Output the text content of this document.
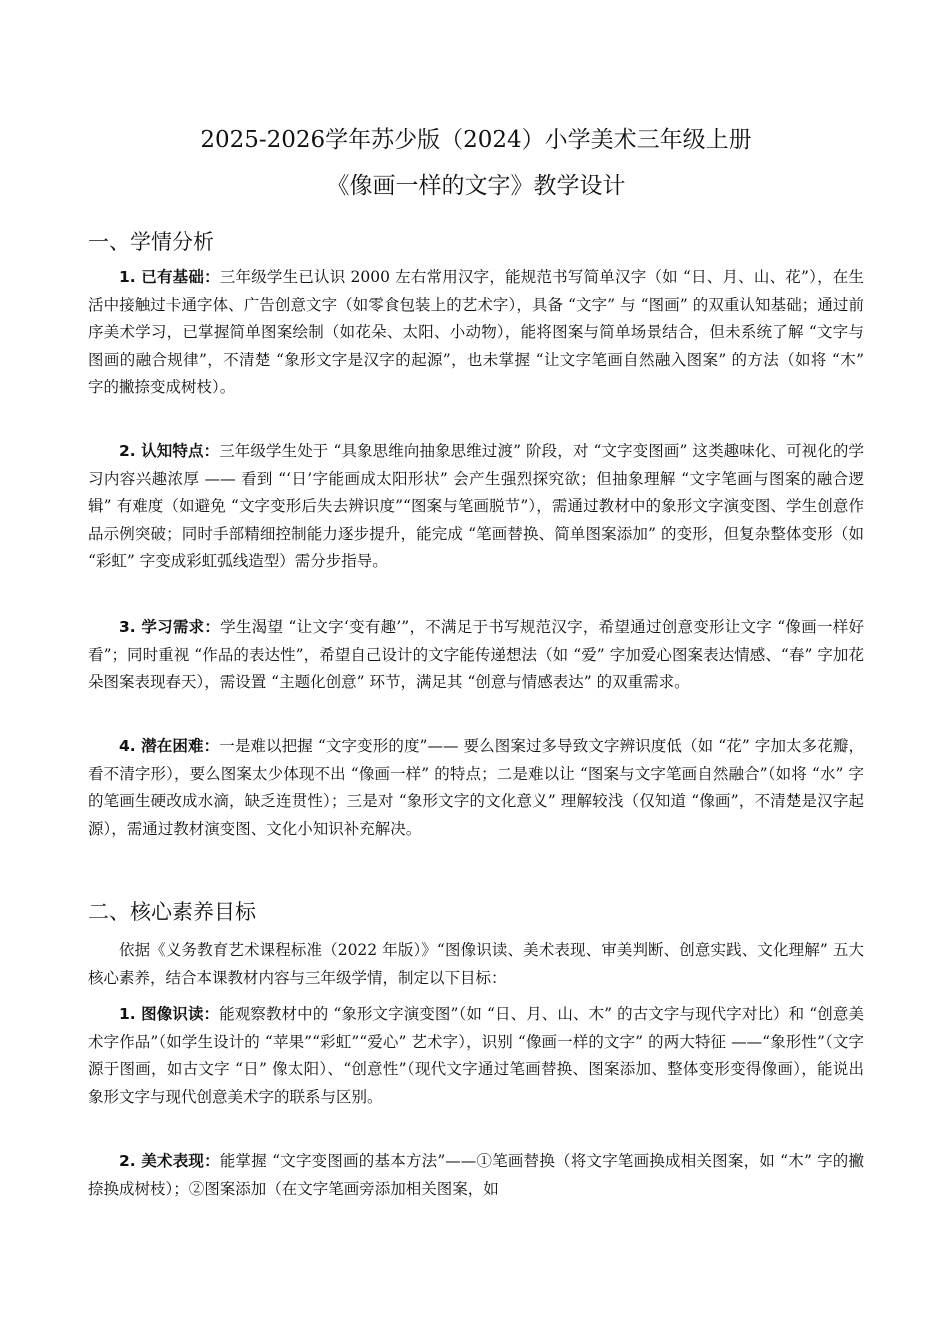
2025-2026学年苏少版（2024）小学美术三年级上册
《像画一样的文字》教学设计
一、学情分析

1. 已有基础：三年级学生已认识 2000 左右常用汉字，能规范书写简单汉字（如 “日、月、山、花”），在生活中接触过卡通字体、广告创意文字（如零食包装上的艺术字），具备 “文字” 与 “图画” 的双重认知基础；通过前序美术学习，已掌握简单图案绘制（如花朵、太阳、小动物），能将图案与简单场景结合，但未系统了解 “文字与图画的融合规律”，不清楚 “象形文字是汉字的起源”，也未掌握 “让文字笔画自然融入图案” 的方法（如将 “木” 字的撇捺变成树枝）。

2. 认知特点：三年级学生处于 “具象思维向抽象思维过渡” 阶段，对 “文字变图画” 这类趣味化、可视化的学习内容兴趣浓厚 —— 看到 “‘日’字能画成太阳形状” 会产生强烈探究欲；但抽象理解 “文字笔画与图案的融合逻辑” 有难度（如避免 “文字变形后失去辨识度”“图案与笔画脱节”），需通过教材中的象形文字演变图、学生创意作品示例突破；同时手部精细控制能力逐步提升，能完成 “笔画替换、简单图案添加” 的变形，但复杂整体变形（如 “彩虹” 字变成彩虹弧线造型）需分步指导。

3. 学习需求：学生渴望 “让文字‘变有趣’”，不满足于书写规范汉字，希望通过创意变形让文字 “像画一样好看”；同时重视 “作品的表达性”，希望自己设计的文字能传递想法（如 “爱” 字加爱心图案表达情感、“春” 字加花朵图案表现春天），需设置 “主题化创意” 环节，满足其 “创意与情感表达” 的双重需求。

4. 潜在困难：一是难以把握 “文字变形的度”—— 要么图案过多导致文字辨识度低（如 “花” 字加太多花瓣，看不清字形），要么图案太少体现不出 “像画一样” 的特点；二是难以让 “图案与文字笔画自然融合”（如将 “水” 字的笔画生硬改成水滴，缺乏连贯性）；三是对 “象形文字的文化意义” 理解较浅（仅知道 “像画”，不清楚是汉字起源），需通过教材演变图、文化小知识补充解决。

二、核心素养目标

依据《义务教育艺术课程标准（2022 年版）》“图像识读、美术表现、审美判断、创意实践、文化理解” 五大核心素养，结合本课教材内容与三年级学情，制定以下目标：

1. 图像识读：能观察教材中的 “象形文字演变图”（如 “日、月、山、木” 的古文字与现代字对比）和 “创意美术字作品”（如学生设计的 “苹果”“彩虹”“爱心” 艺术字），识别 “像画一样的文字” 的两大特征 ——“象形性”（文字源于图画，如古文字 “日” 像太阳）、“创意性”（现代文字通过笔画替换、图案添加、整体变形变得像画），能说出象形文字与现代创意美术字的联系与区别。

2. 美术表现：能掌握 “文字变图画的基本方法”——①笔画替换（将文字笔画换成相关图案，如 “木” 字的撇捺换成树枝）；②图案添加（在文字笔画旁添加相关图案，如
